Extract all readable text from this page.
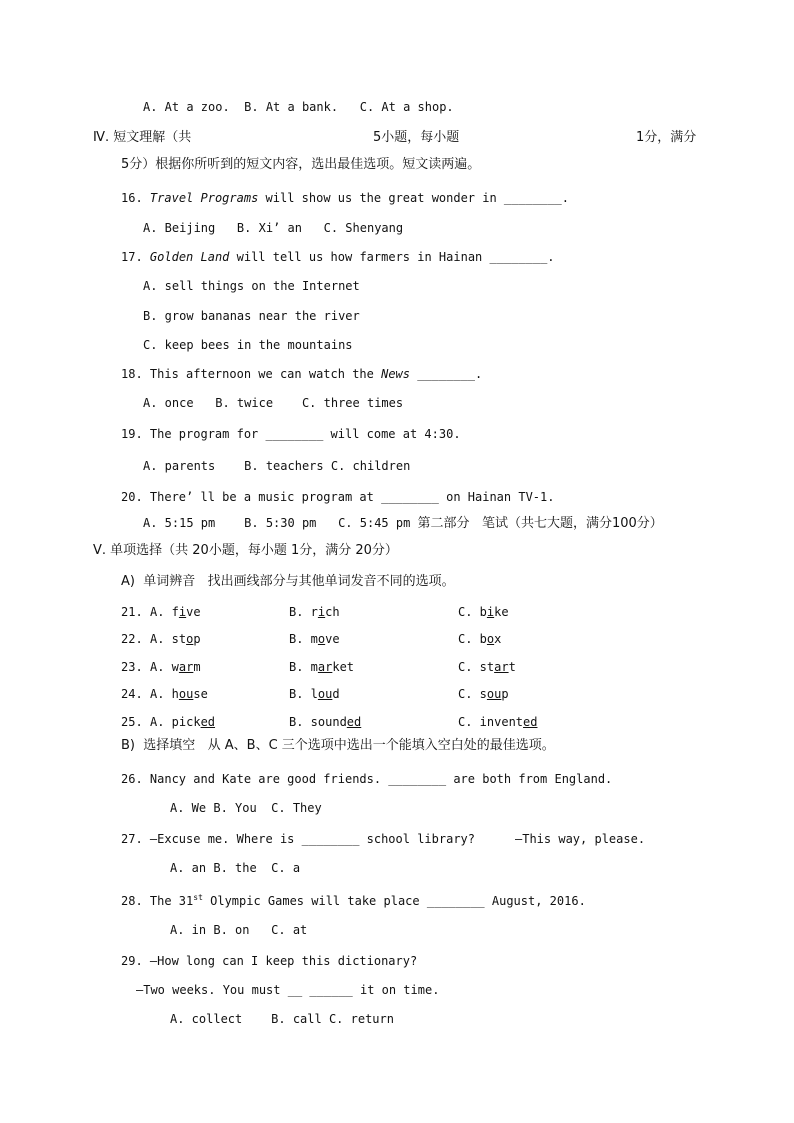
A. At a zoo.  B. At a bank.   C. At a shop.
Ⅳ. 短文理解（共	5小题，每小题	1分，满分
5分）根据你所听到的短文内容，选出最佳选项。短文读两遍。
16. Travel Programs will show us the great wonder in ________.
A. Beijing   B. Xi’ an   C. Shenyang
17. Golden Land will tell us how farmers in Hainan ________.
A. sell things on the Internet
B. grow bananas near the river
C. keep bees in the mountains
18. This afternoon we can watch the News ________.
A. once   B. twice    C. three times
19. The program for ________ will come at 4:30.
A. parents    B. teachers C. children
20. There’ ll be a music program at ________ on Hainan TV-1.
A. 5:15 pm    B. 5:30 pm   C. 5:45 pm 第二部分   笔试（共七大题，满分100分）
Ⅴ. 单项选择（共 20小题，每小题 1分，满分 20分）
A)  单词辨音   找出画线部分与其他单词发音不同的选项。
21. A. five	B. rich	C. bike
22. A. stop	B. move	C. box
23. A. warm	B. market	C. start
24. A. house	B. loud	C. soup
25. A. picked	B. sounded	C. invented
B)  选择填空   从 A、B、C 三个选项中选出一个能填入空白处的最佳选项。
26. Nancy and Kate are good friends. ________ are both from England.
A. We B. You  C. They
27. —Excuse me. Where is ________ school library?	—This way, please.
A. an B. the  C. a
28. The 31st Olympic Games will take place ________ August, 2016.
A. in B. on   C. at
29. —How long can I keep this dictionary?
—Two weeks. You must __ ______ it on time.
A. collect    B. call C. return
